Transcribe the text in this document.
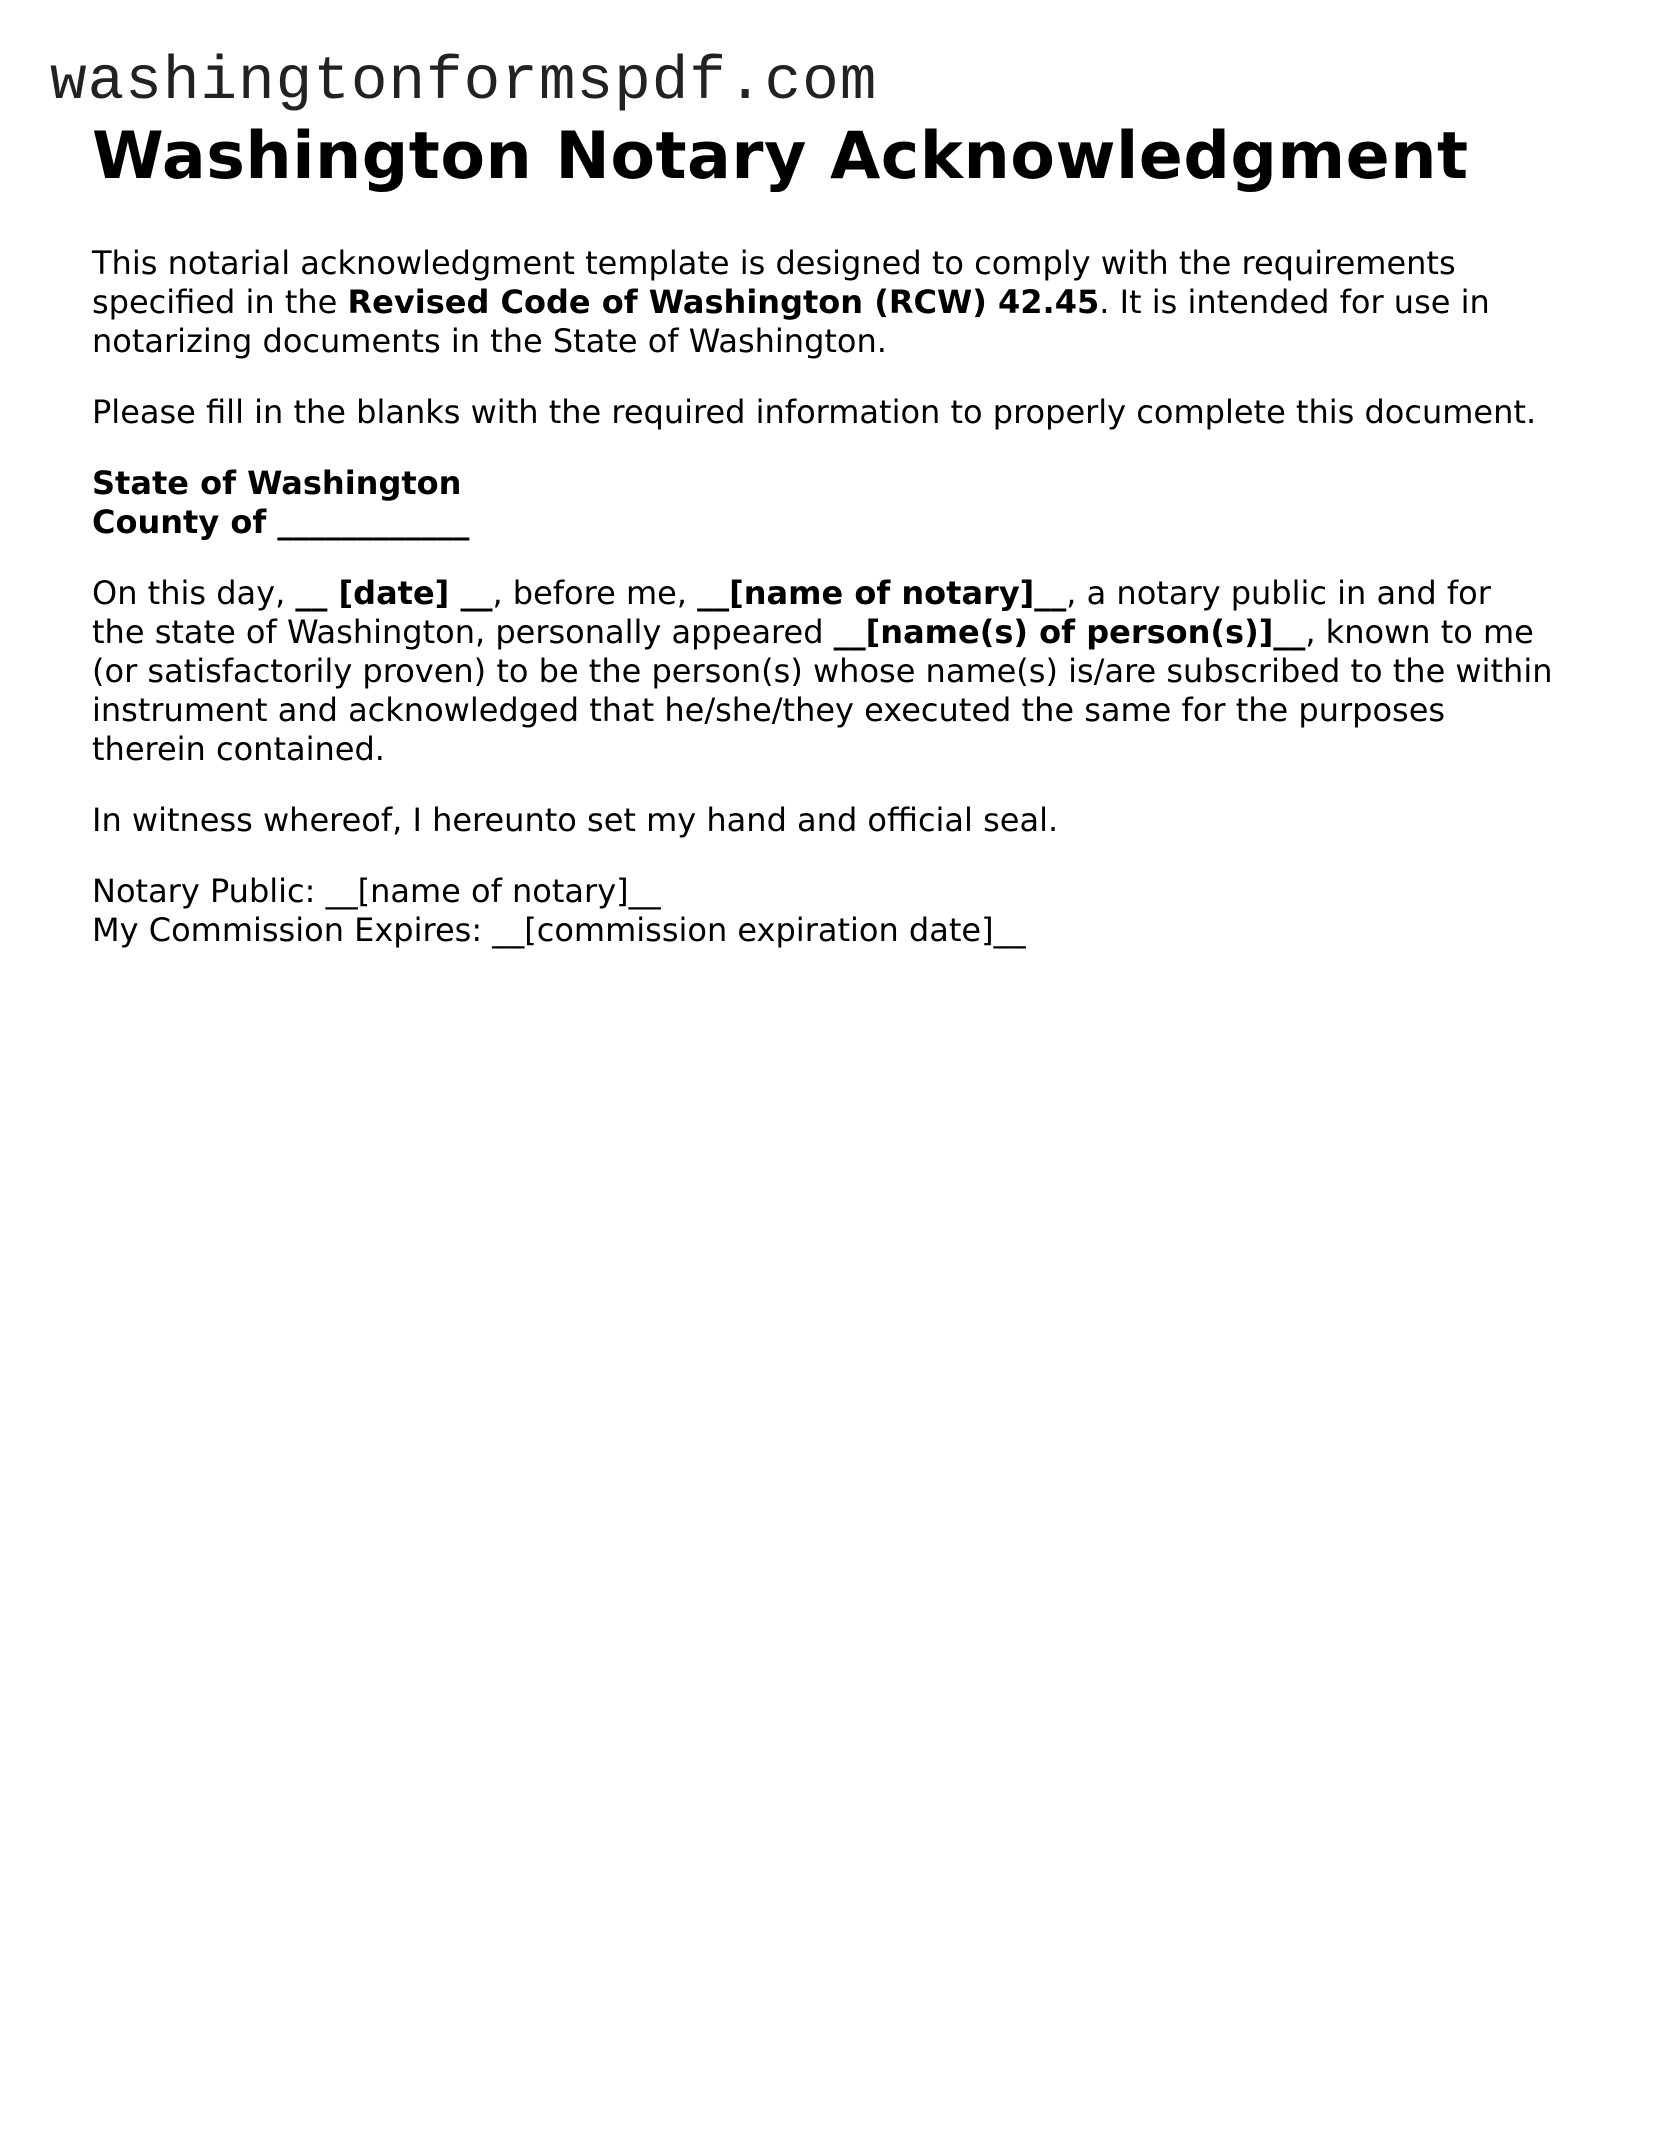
washingtonformspdf.com
Washington Notary Acknowledgment

This notarial acknowledgment template is designed to comply with the requirements
specified in the Revised Code of Washington (RCW) 42.45. It is intended for use in
notarizing documents in the State of Washington.

Please fill in the blanks with the required information to properly complete this document.

State of Washington
County of ____________

On this day, __ [date] __, before me, __[name of notary]__, a notary public in and for
the state of Washington, personally appeared __[name(s) of person(s)]__, known to me
(or satisfactorily proven) to be the person(s) whose name(s) is/are subscribed to the within
instrument and acknowledged that he/she/they executed the same for the purposes
therein contained.

In witness whereof, I hereunto set my hand and official seal.

Notary Public: __[name of notary]__
My Commission Expires: __[commission expiration date]__
